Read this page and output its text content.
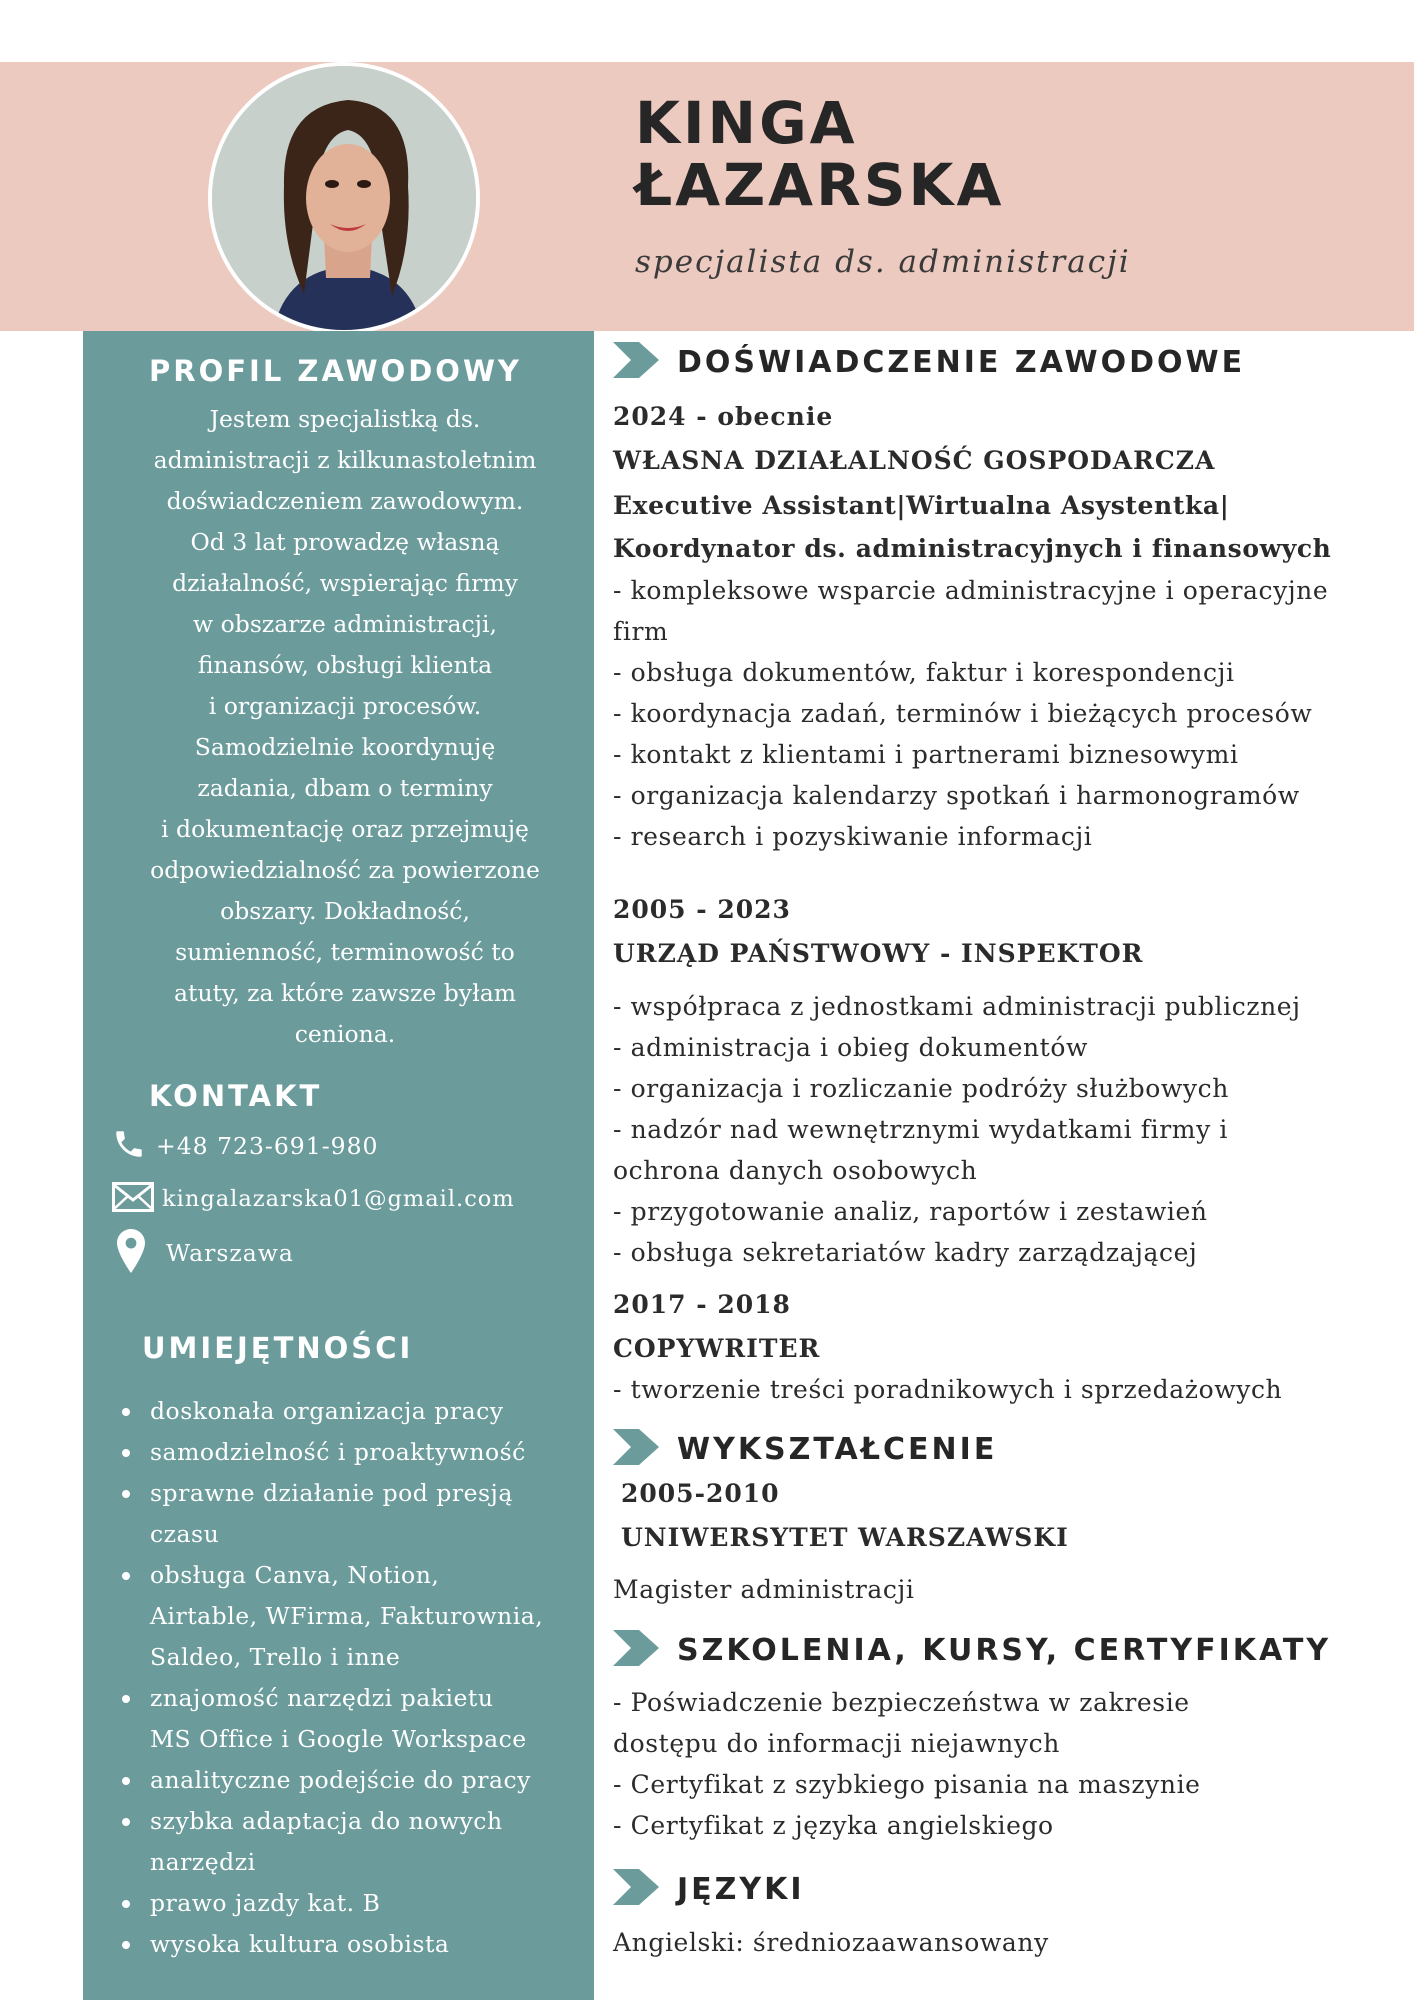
KINGA
ŁAZARSKA
specjalista ds. administracji
PROFIL ZAWODOWY
Jestem specjalistką ds.
administracji z kilkunastoletnim
doświadczeniem zawodowym.
Od 3 lat prowadzę własną
działalność, wspierając firmy
w obszarze administracji,
finansów, obsługi klienta
i organizacji procesów.
Samodzielnie koordynuję
zadania, dbam o terminy
i dokumentację oraz przejmuję
odpowiedzialność za powierzone
obszary. Dokładność,
sumienność, terminowość to
atuty, za które zawsze byłam
ceniona.
KONTAKT
+48 723-691-980
kingalazarska01@gmail.com
Warszawa
UMIEJĘTNOŚCI
doskonała organizacja pracy
samodzielność i proaktywność
sprawne działanie pod presją
czasu
obsługa Canva, Notion,
Airtable, WFirma, Fakturownia,
Saldeo, Trello i inne
znajomość narzędzi pakietu
MS Office i Google Workspace
analityczne podejście do pracy
szybka adaptacja do nowych
narzędzi
prawo jazdy kat. B
wysoka kultura osobista
DOŚWIADCZENIE ZAWODOWE
2024 - obecnie
WŁASNA DZIAŁALNOŚĆ GOSPODARCZA
Executive Assistant|Wirtualna Asystentka|
Koordynator ds. administracyjnych i finansowych
- kompleksowe wsparcie administracyjne i operacyjne
firm
- obsługa dokumentów, faktur i korespondencji
- koordynacja zadań, terminów i bieżących procesów
- kontakt z klientami i partnerami biznesowymi
- organizacja kalendarzy spotkań i harmonogramów
- research i pozyskiwanie informacji
2005 - 2023
URZĄD PAŃSTWOWY - INSPEKTOR
- współpraca z jednostkami administracji publicznej
- administracja i obieg dokumentów
- organizacja i rozliczanie podróży służbowych
- nadzór nad wewnętrznymi wydatkami firmy i
ochrona danych osobowych
- przygotowanie analiz, raportów i zestawień
- obsługa sekretariatów kadry zarządzającej
2017 - 2018
COPYWRITER
- tworzenie treści poradnikowych i sprzedażowych
WYKSZTAŁCENIE
2005-2010
UNIWERSYTET WARSZAWSKI
Magister administracji
SZKOLENIA, KURSY, CERTYFIKATY
- Poświadczenie bezpieczeństwa w zakresie
dostępu do informacji niejawnych
- Certyfikat z szybkiego pisania na maszynie
- Certyfikat z języka angielskiego
JĘZYKI
Angielski: średniozaawansowany
